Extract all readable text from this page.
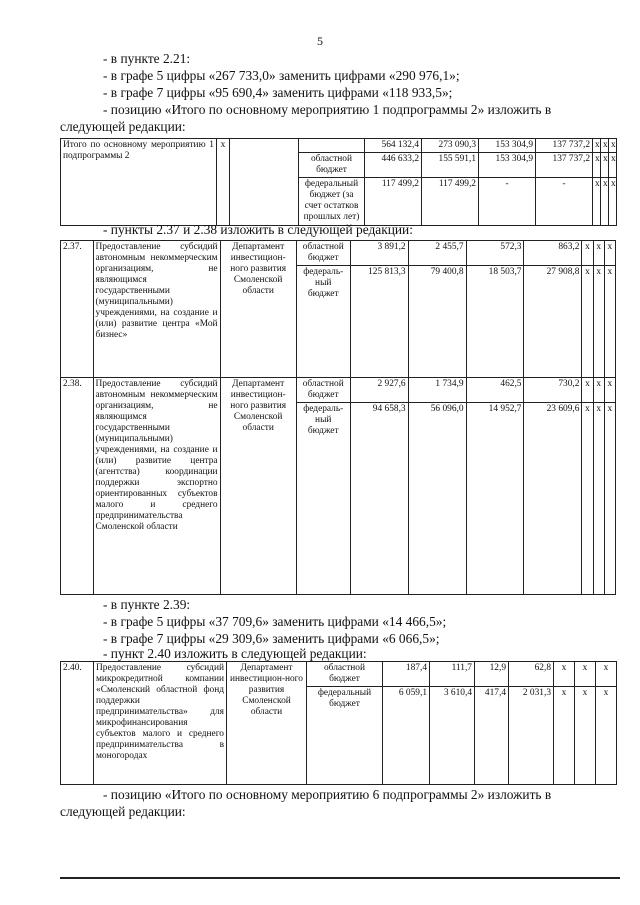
5
- в пункте 2.21:
- в графе 5 цифры «267 733,0» заменить цифрами «290 976,1»;
- в графе 7 цифры «95 690,4» заменить цифрами «118 933,5»;
- позицию «Итого по основному мероприятию 1 подпрограммы 2» изложить в
следующей редакции:
Итого по основному мероприятию 1 подпрограммы 2	x			564 132,4	273 090,3	153 304,9	137 737,2	x	x	x
			областной бюджет	446 633,2	155 591,1	153 304,9	137 737,2	x	x	x
			федеральный бюджет (за счет остатков прошлых лет)	117 499,2	117 499,2	-	-	x	x	x
- пункты 2.37 и 2.38 изложить в следующей редакции:
2.37.	Предоставление субсидий автономным некоммерческим организациям, не являющимся государственными (муниципальными) учреждениями, на создание и (или) развитие центра «Мой бизнес»	Департамент инвестицион-ного развития Смоленской области	областной бюджет	3 891,2	2 455,7	572,3	863,2	x	x	x
			федераль-ный бюджет	125 813,3	79 400,8	18 503,7	27 908,8	x	x	x
2.38.	Предоставление субсидий автономным некоммерческим организациям, не являющимся государственными (муниципальными) учреждениями, на создание и (или) развитие центра (агентства) координации поддержки экспортно ориентированных субъектов малого и среднего предпринимательства Смоленской области	Департамент инвестицион-ного развития Смоленской области	областной бюджет	2 927,6	1 734,9	462,5	730,2	x	x	x
			федераль-ный бюджет	94 658,3	56 096,0	14 952,7	23 609,6	x	x	x
- в пункте 2.39:
- в графе 5 цифры «37 709,6» заменить цифрами «14 466,5»;
- в графе 7 цифры «29 309,6» заменить цифрами «6 066,5»;
- пункт 2.40 изложить в следующей редакции:
2.40.	Предоставление субсидий микрокредитной компании «Смоленский областной фонд поддержки предпринимательства» для микрофинансирования субъектов малого и среднего предпринимательства в моногородах	Департамент инвестицион-ного развития Смоленской области	областной бюджет	187,4	111,7	12,9	62,8	x	x	x
			федеральный бюджет	6 059,1	3 610,4	417,4	2 031,3	x	x	x
- позицию «Итого по основному мероприятию 6 подпрограммы 2» изложить в
следующей редакции:
